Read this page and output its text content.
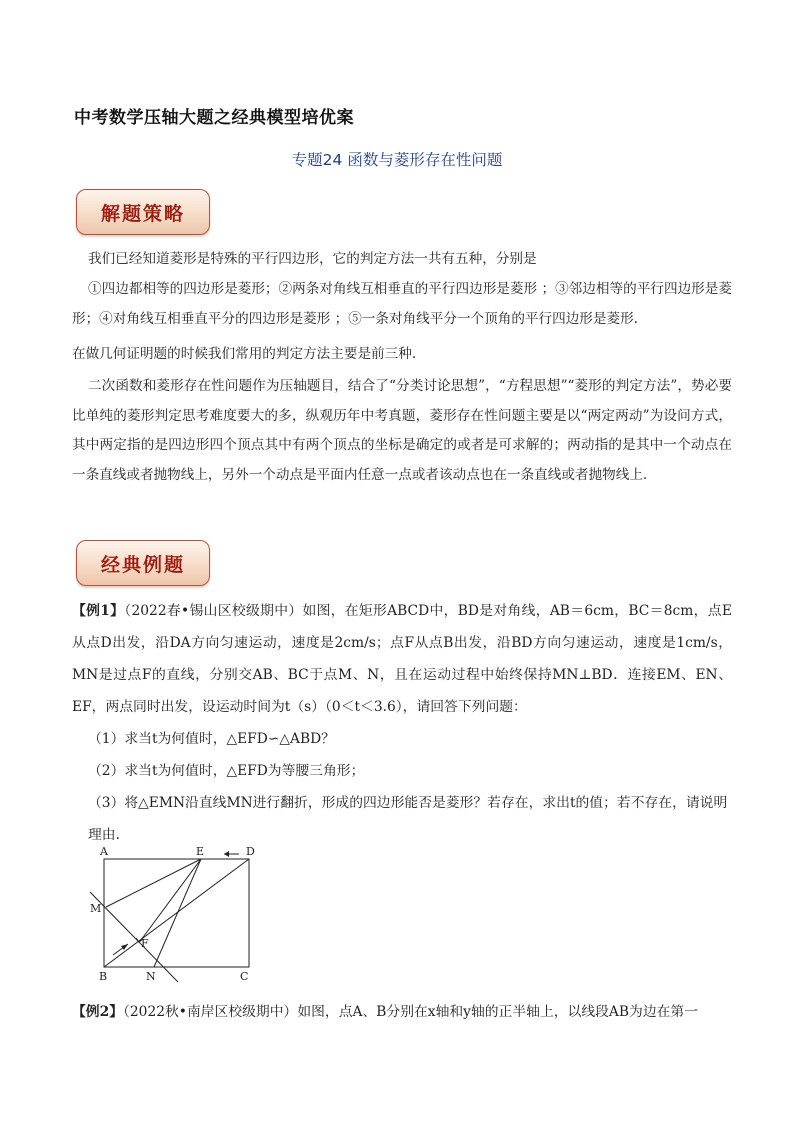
中考数学压轴大题之经典模型培优案
专题24 函数与菱形存在性问题
解题策略

我们已经知道菱形是特殊的平行四边形，它的判定方法一共有五种，分别是

①四边都相等的四边形是菱形；②两条对角线互相垂直的平行四边形是菱形 ；③邻边相等的平行四边形是菱形；④对角线互相垂直平分的四边形是菱形 ；⑤一条对角线平分一个顶角的平行四边形是菱形.

在做几何证明题的时候我们常用的判定方法主要是前三种.

二次函数和菱形存在性问题作为压轴题目，结合了“分类讨论思想”，“方程思想”“菱形的判定方法”，势必要比单纯的菱形判定思考难度要大的多，纵观历年中考真题，菱形存在性问题主要是以“两定两动”为设问方式，其中两定指的是四边形四个顶点其中有两个顶点的坐标是确定的或者是可求解的；两动指的是其中一个动点在一条直线或者抛物线上，另外一个动点是平面内任意一点或者该动点也在一条直线或者抛物线上.

经典例题

【例1】（2022春•锡山区校级期中）如图，在矩形ABCD中，BD是对角线，AB＝6cm，BC＝8cm，点E从点D出发，沿DA方向匀速运动，速度是2cm/s；点F从点B出发，沿BD方向匀速运动，速度是1cm/s，MN是过点F的直线，分别交AB、BC于点M、N，且在运动过程中始终保持MN⊥BD．连接EM、EN、EF，两点同时出发，设运动时间为t（s）（0＜t＜3.6），请回答下列问题：

（1）求当t为何值时，△EFD∽△ABD？

（2）求当t为何值时，△EFD为等腰三角形；

（3）将△EMN沿直线MN进行翻折，形成的四边形能否是菱形？若存在，求出t的值；若不存在，请说明理由．

A	E	D
M
F
B	N	C

【例2】（2022秋•南岸区校级期中）如图，点A、B分别在x轴和y轴的正半轴上，以线段AB为边在第一
